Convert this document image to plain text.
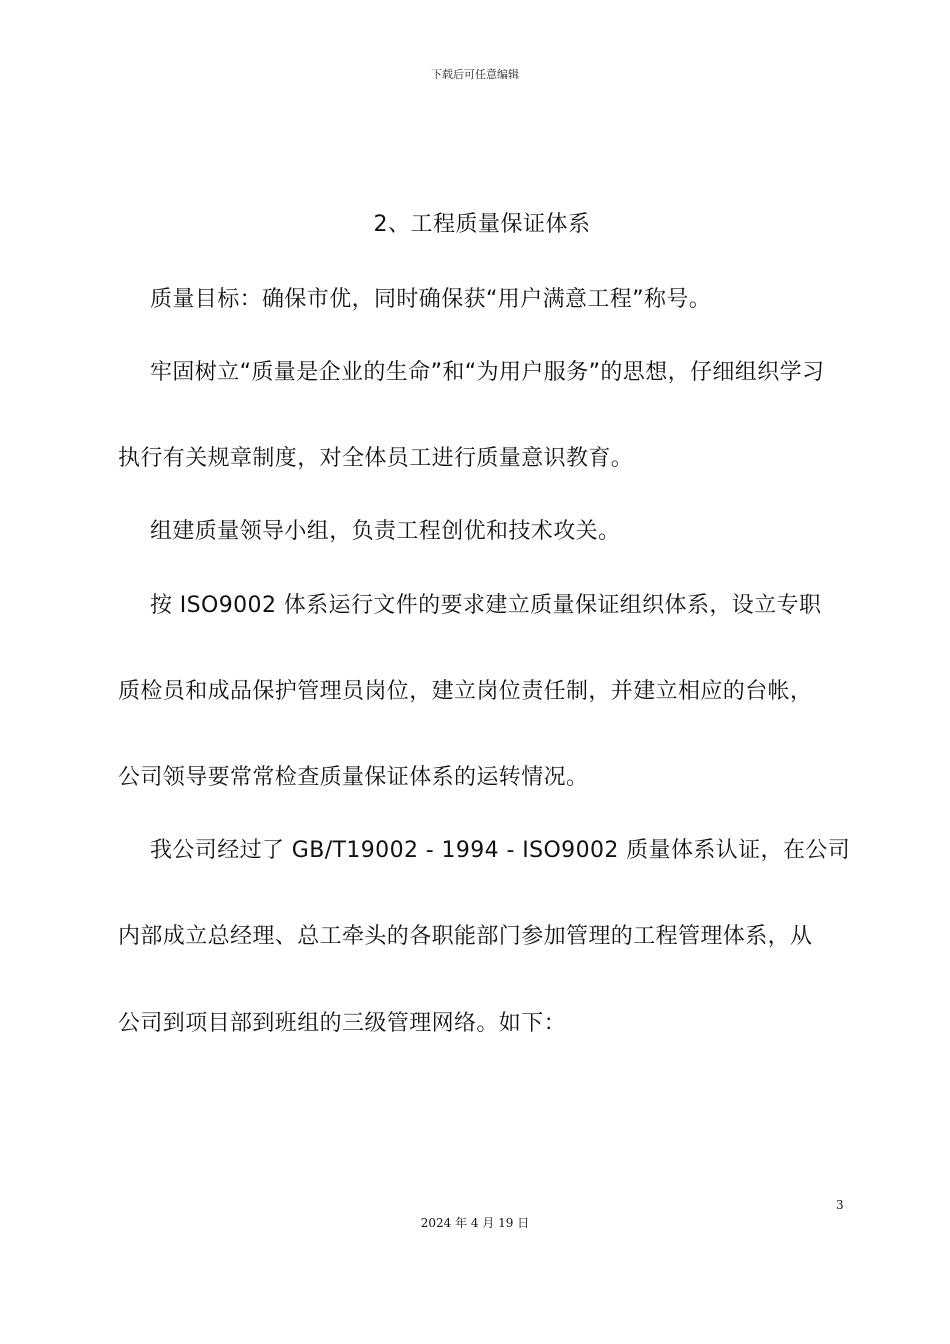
下载后可任意编辑
2、工程质量保证体系
质量目标：确保市优，同时确保获“用户满意工程”称号。
牢固树立“质量是企业的生命”和“为用户服务”的思想，仔细组织学习
执行有关规章制度，对全体员工进行质量意识教育。
组建质量领导小组，负责工程创优和技术攻关。
按 ISO9002 体系运行文件的要求建立质量保证组织体系，设立专职
质检员和成品保护管理员岗位，建立岗位责任制，并建立相应的台帐，
公司领导要常常检查质量保证体系的运转情况。
我公司经过了 GB/T19002 - 1994 - ISO9002 质量体系认证，在公司
内部成立总经理、总工牵头的各职能部门参加管理的工程管理体系，从
公司到项目部到班组的三级管理网络。如下：
3
2024 年 4 月 19 日
